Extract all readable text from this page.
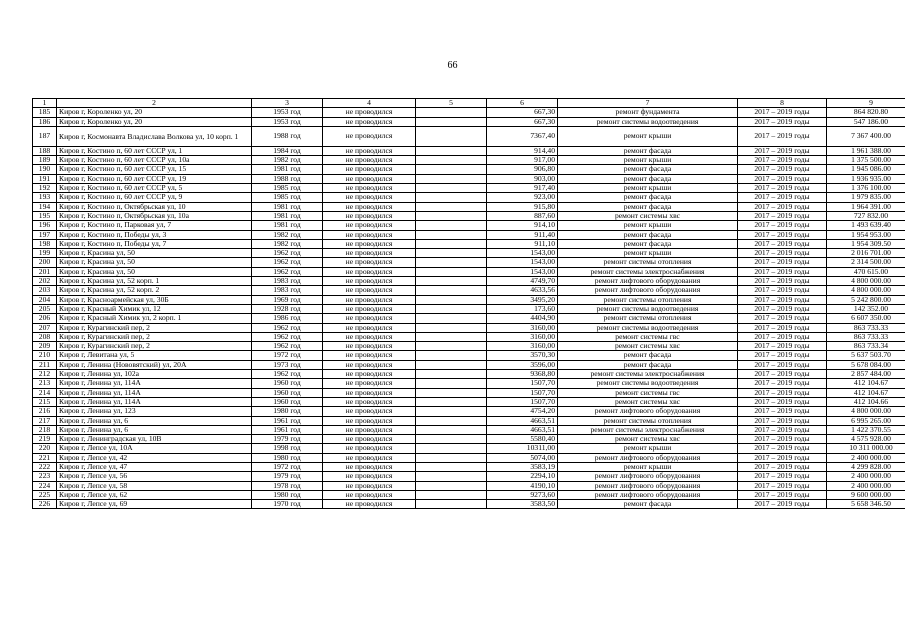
66
1	2	3	4	5	6	7	8	9
185	Киров г, Короленко ул, 20	1953 год	не проводился		667,30	ремонт фундамента	2017 – 2019 годы	864 820.80
186	Киров г, Короленко ул, 20	1953 год	не проводился		667,30	ремонт системы водоотведения	2017 – 2019 годы	547 186.00
187	Киров г, Космонавта Владислава Волкова ул, 10 корп. 1	1988 год	не проводился		7367,40	ремонт крыши	2017 – 2019 годы	7 367 400.00
188	Киров г, Костино п, 60 лет СССР ул, 1	1984 год	не проводился		914,40	ремонт фасада	2017 – 2019 годы	1 961 388.00
189	Киров г, Костино п, 60 лет СССР ул, 10а	1982 год	не проводился		917,00	ремонт крыши	2017 – 2019 годы	1 375 500.00
190	Киров г, Костино п, 60 лет СССР ул, 15	1981 год	не проводился		906,80	ремонт фасада	2017 – 2019 годы	1 945 086.00
191	Киров г, Костино п, 60 лет СССР ул, 19	1988 год	не проводился		903,00	ремонт фасада	2017 – 2019 годы	1 936 935.00
192	Киров г, Костино п, 60 лет СССР ул, 5	1985 год	не проводился		917,40	ремонт крыши	2017 – 2019 годы	1 376 100.00
193	Киров г, Костино п, 60 лет СССР ул, 9	1985 год	не проводился		923,00	ремонт фасада	2017 – 2019 годы	1 979 835.00
194	Киров г, Костино п, Октябрьская ул, 10	1981 год	не проводился		915,80	ремонт фасада	2017 – 2019 годы	1 964 391.00
195	Киров г, Костино п, Октябрьская ул, 10а	1981 год	не проводился		887,60	ремонт системы хвс	2017 – 2019 годы	727 832.00
196	Киров г, Костино п, Парковая ул, 7	1981 год	не проводился		914,10	ремонт крыши	2017 – 2019 годы	1 493 639.40
197	Киров г, Костино п, Победы ул, 3	1982 год	не проводился		911,40	ремонт фасада	2017 – 2019 годы	1 954 953.00
198	Киров г, Костино п, Победы ул, 7	1982 год	не проводился		911,10	ремонт фасада	2017 – 2019 годы	1 954 309.50
199	Киров г, Красина ул, 50	1962 год	не проводился		1543,00	ремонт крыши	2017 – 2019 годы	2 016 701.00
200	Киров г, Красина ул, 50	1962 год	не проводился		1543,00	ремонт системы отопления	2017 – 2019 годы	2 314 500.00
201	Киров г, Красина ул, 50	1962 год	не проводился		1543,00	ремонт системы электроснабжения	2017 – 2019 годы	470 615.00
202	Киров г, Красина ул, 52 корп. 1	1983 год	не проводился		4749,70	ремонт лифтового оборудования	2017 – 2019 годы	4 800 000.00
203	Киров г, Красина ул, 52 корп. 2	1983 год	не проводился		4633,56	ремонт лифтового оборудования	2017 – 2019 годы	4 800 000.00
204	Киров г, Красноармейская ул, 30Б	1969 год	не проводился		3495,20	ремонт системы отопления	2017 – 2019 годы	5 242 800.00
205	Киров г, Красный Химик ул, 12	1928 год	не проводился		173,60	ремонт системы водоотведения	2017 – 2019 годы	142 352.00
206	Киров г, Красный Химик ул, 2 корп. 1	1986 год	не проводился		4404,90	ремонт системы отопления	2017 – 2019 годы	6 607 350.00
207	Киров г, Курагинский пер, 2	1962 год	не проводился		3160,00	ремонт системы водоотведения	2017 – 2019 годы	863 733.33
208	Киров г, Курагинский пер, 2	1962 год	не проводился		3160,00	ремонт системы гвс	2017 – 2019 годы	863 733.33
209	Киров г, Курагинский пер, 2	1962 год	не проводился		3160,00	ремонт системы хвс	2017 – 2019 годы	863 733.34
210	Киров г, Левитана ул, 5	1972 год	не проводился		3570,30	ремонт фасада	2017 – 2019 годы	5 637 503.70
211	Киров г, Ленина (Нововятский) ул, 20А	1973 год	не проводился		3596,00	ремонт фасада	2017 – 2019 годы	5 678 084.00
212	Киров г, Ленина ул, 102а	1962 год	не проводился		9368,80	ремонт системы электроснабжения	2017 – 2019 годы	2 857 484.00
213	Киров г, Ленина ул, 114А	1960 год	не проводился		1507,70	ремонт системы водоотведения	2017 – 2019 годы	412 104.67
214	Киров г, Ленина ул, 114А	1960 год	не проводился		1507,70	ремонт системы гвс	2017 – 2019 годы	412 104.67
215	Киров г, Ленина ул, 114А	1960 год	не проводился		1507,70	ремонт системы хвс	2017 – 2019 годы	412 104.66
216	Киров г, Ленина ул, 123	1980 год	не проводился		4754,20	ремонт лифтового оборудования	2017 – 2019 годы	4 800 000.00
217	Киров г, Ленина ул, 6	1961 год	не проводился		4663,51	ремонт системы отопления	2017 – 2019 годы	6 995 265.00
218	Киров г, Ленина ул, 6	1961 год	не проводился		4663,51	ремонт системы электроснабжения	2017 – 2019 годы	1 422 370.55
219	Киров г, Ленинградская ул, 10В	1979 год	не проводился		5580,40	ремонт системы хвс	2017 – 2019 годы	4 575 928.00
220	Киров г, Лепсе ул, 10А	1998 год	не проводился		10311,00	ремонт крыши	2017 – 2019 годы	10 311 000.00
221	Киров г, Лепсе ул, 42	1980 год	не проводился		5074,00	ремонт лифтового оборудования	2017 – 2019 годы	2 400 000.00
222	Киров г, Лепсе ул, 47	1972 год	не проводился		3583,19	ремонт крыши	2017 – 2019 годы	4 299 828.00
223	Киров г, Лепсе ул, 56	1979 год	не проводился		2294,10	ремонт лифтового оборудования	2017 – 2019 годы	2 400 000.00
224	Киров г, Лепсе ул, 58	1978 год	не проводился		4190,10	ремонт лифтового оборудования	2017 – 2019 годы	2 400 000.00
225	Киров г, Лепсе ул, 62	1980 год	не проводился		9273,60	ремонт лифтового оборудования	2017 – 2019 годы	9 600 000.00
226	Киров г, Лепсе ул, 69	1970 год	не проводился		3583,50	ремонт фасада	2017 – 2019 годы	5 658 346.50
